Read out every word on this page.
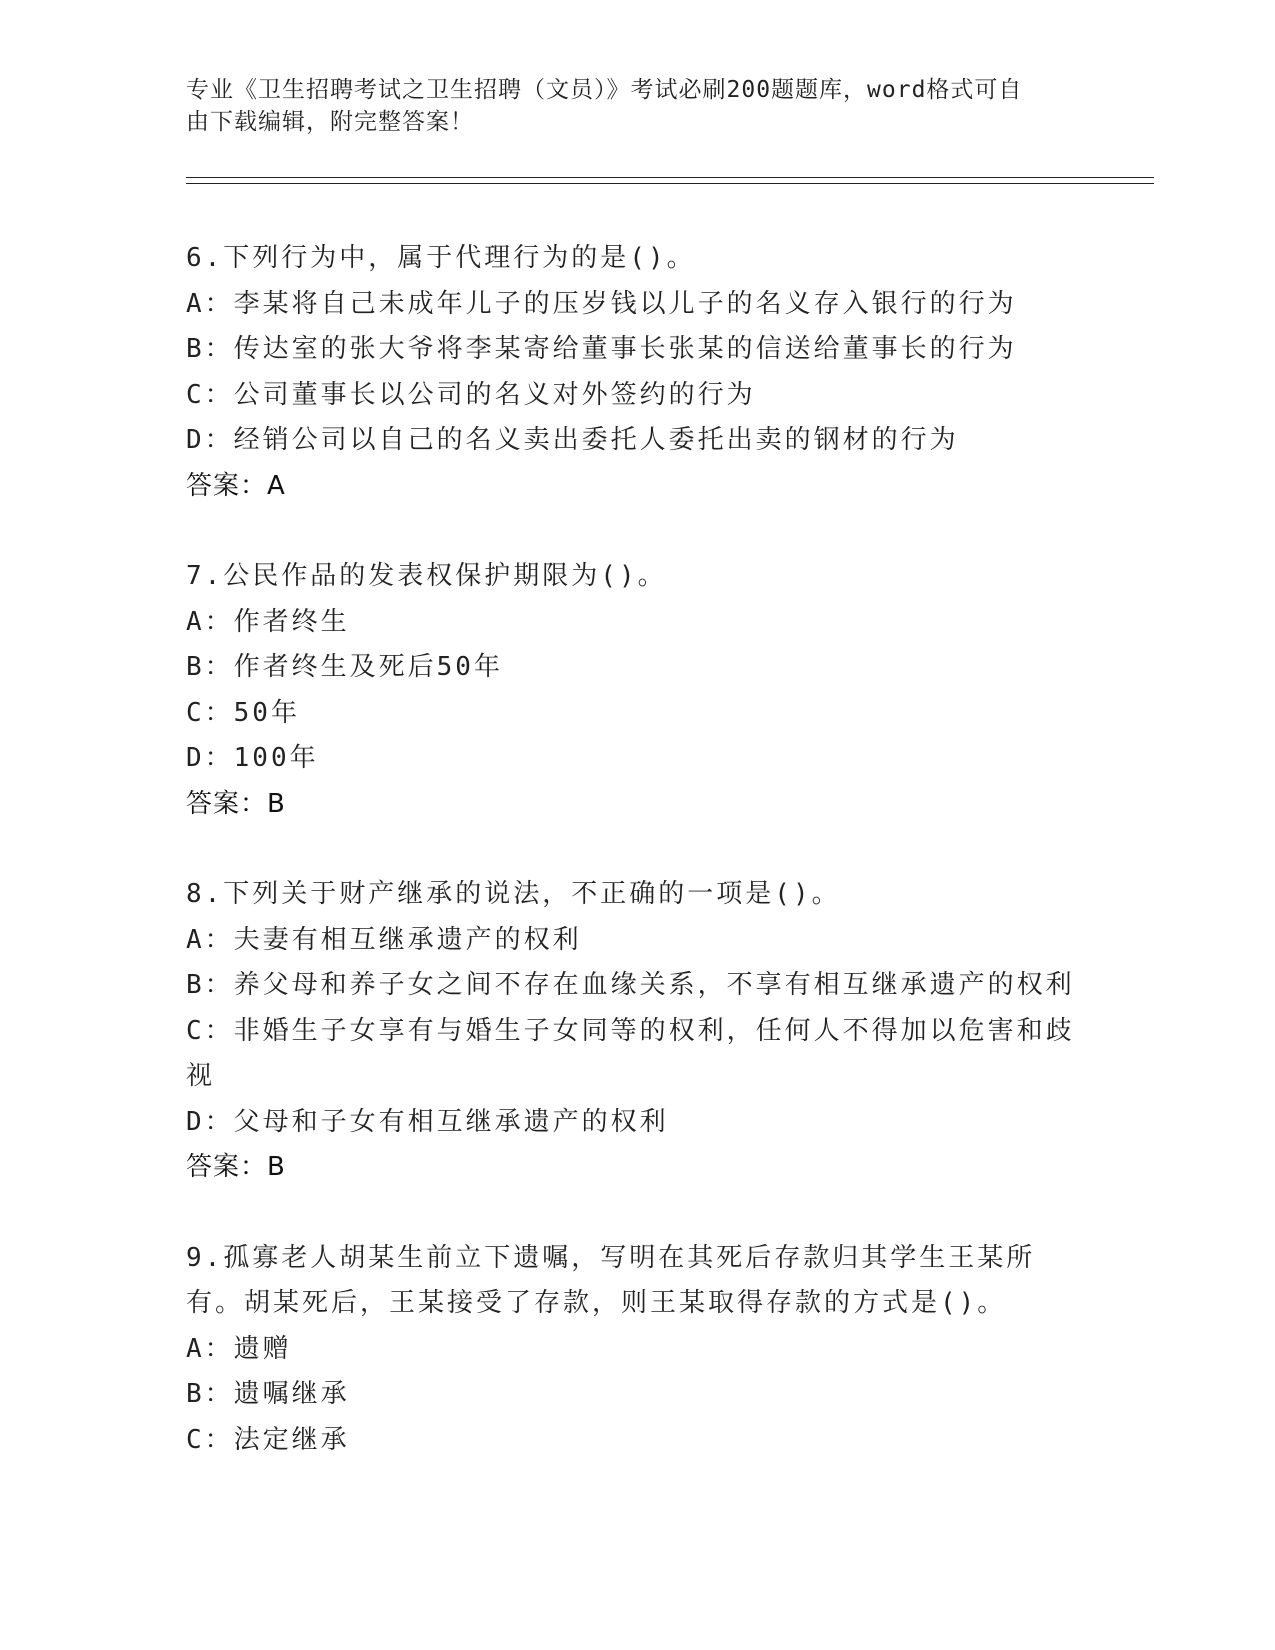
专业《卫生招聘考试之卫生招聘（文员）》考试必刷200题题库，word格式可自
由下载编辑，附完整答案！
6.下列行为中，属于代理行为的是()。
A：李某将自己未成年儿子的压岁钱以儿子的名义存入银行的行为
B：传达室的张大爷将李某寄给董事长张某的信送给董事长的行为
C：公司董事长以公司的名义对外签约的行为
D：经销公司以自己的名义卖出委托人委托出卖的钢材的行为
答案：A
7.公民作品的发表权保护期限为()。
A：作者终生
B：作者终生及死后50年
C：50年
D：100年
答案：B
8.下列关于财产继承的说法，不正确的一项是()。
A：夫妻有相互继承遗产的权利
B：养父母和养子女之间不存在血缘关系，不享有相互继承遗产的权利
C：非婚生子女享有与婚生子女同等的权利，任何人不得加以危害和歧视
D：父母和子女有相互继承遗产的权利
答案：B
9.孤寡老人胡某生前立下遗嘱，写明在其死后存款归其学生王某所有。胡某死后，王某接受了存款，则王某取得存款的方式是()。
A：遗赠
B：遗嘱继承
C：法定继承
